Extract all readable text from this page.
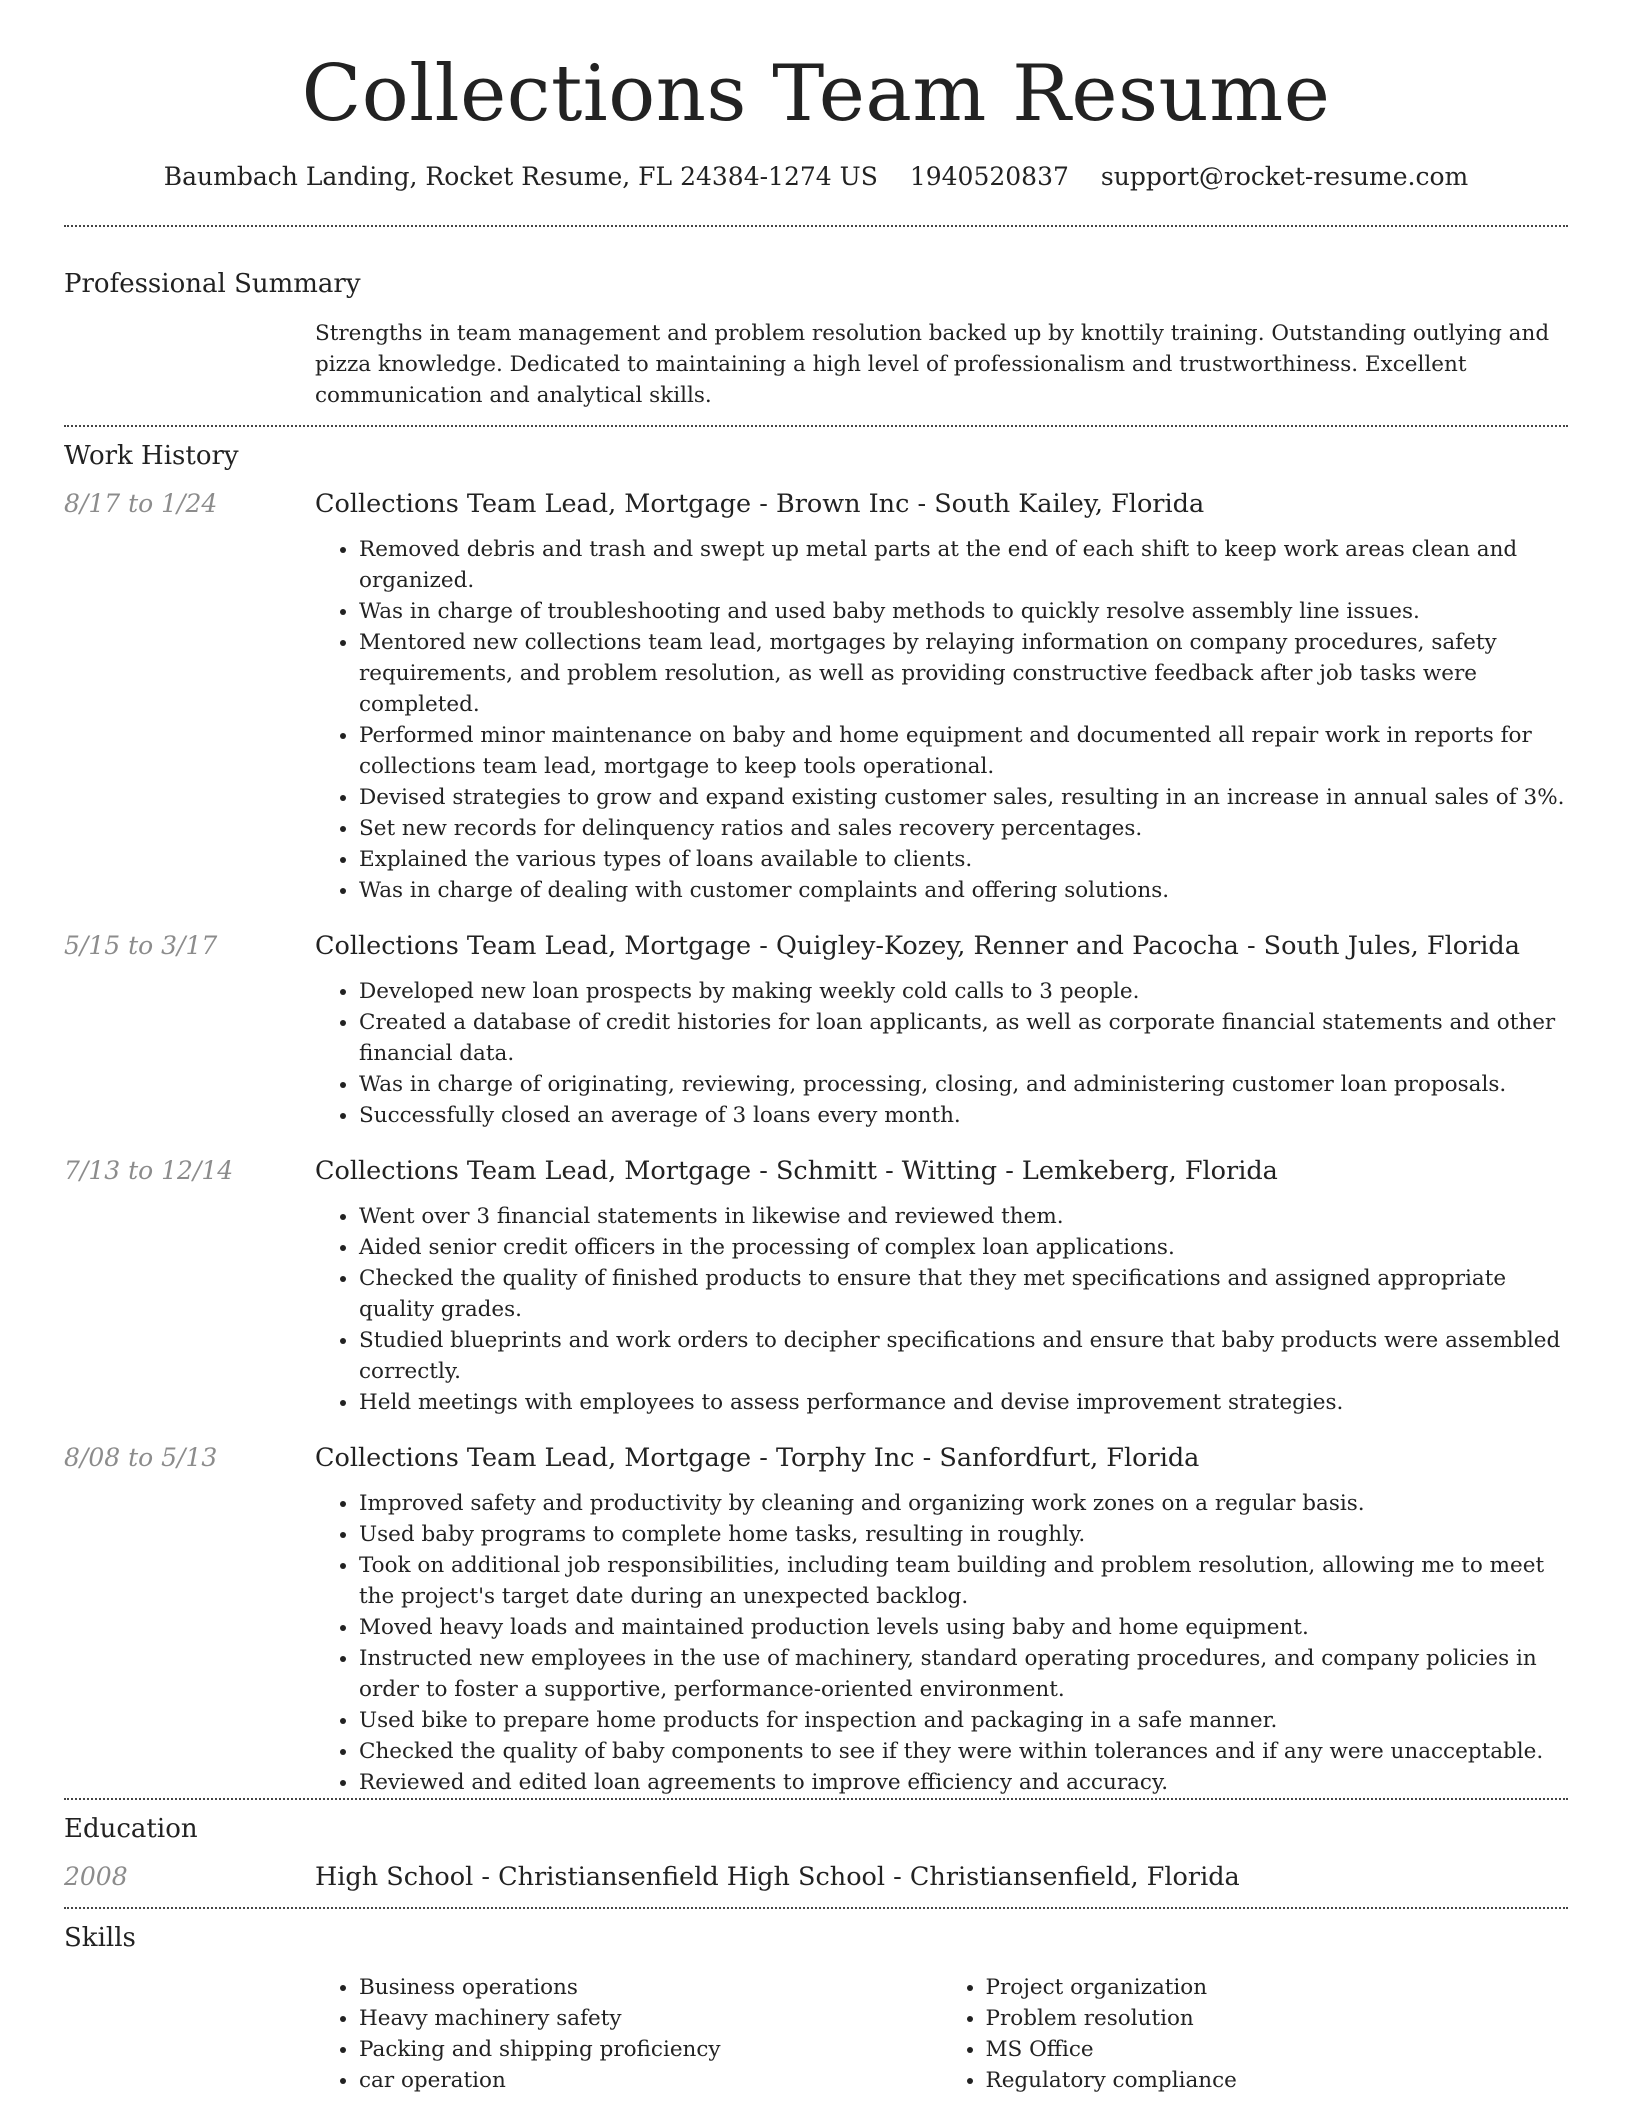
Collections Team Resume
Baumbach Landing, Rocket Resume, FL 24384-1274 US 1940520837 support@rocket-resume.com
Professional Summary

Strengths in team management and problem resolution backed up by knottily training. Outstanding outlying and pizza knowledge. Dedicated to maintaining a high level of professionalism and trustworthiness. Excellent communication and analytical skills.

Work History
8/17 to 1/24	Collections Team Lead, Mortgage - Brown Inc - South Kailey, Florida
• Removed debris and trash and swept up metal parts at the end of each shift to keep work areas clean and organized.
• Was in charge of troubleshooting and used baby methods to quickly resolve assembly line issues.
• Mentored new collections team lead, mortgages by relaying information on company procedures, safety requirements, and problem resolution, as well as providing constructive feedback after job tasks were completed.
• Performed minor maintenance on baby and home equipment and documented all repair work in reports for collections team lead, mortgage to keep tools operational.
• Devised strategies to grow and expand existing customer sales, resulting in an increase in annual sales of 3%.
• Set new records for delinquency ratios and sales recovery percentages.
• Explained the various types of loans available to clients.
• Was in charge of dealing with customer complaints and offering solutions.
5/15 to 3/17	Collections Team Lead, Mortgage - Quigley-Kozey, Renner and Pacocha - South Jules, Florida
• Developed new loan prospects by making weekly cold calls to 3 people.
• Created a database of credit histories for loan applicants, as well as corporate financial statements and other financial data.
• Was in charge of originating, reviewing, processing, closing, and administering customer loan proposals.
• Successfully closed an average of 3 loans every month.
7/13 to 12/14	Collections Team Lead, Mortgage - Schmitt - Witting - Lemkeberg, Florida
• Went over 3 financial statements in likewise and reviewed them.
• Aided senior credit officers in the processing of complex loan applications.
• Checked the quality of finished products to ensure that they met specifications and assigned appropriate quality grades.
• Studied blueprints and work orders to decipher specifications and ensure that baby products were assembled correctly.
• Held meetings with employees to assess performance and devise improvement strategies.
8/08 to 5/13	Collections Team Lead, Mortgage - Torphy Inc - Sanfordfurt, Florida
• Improved safety and productivity by cleaning and organizing work zones on a regular basis.
• Used baby programs to complete home tasks, resulting in roughly.
• Took on additional job responsibilities, including team building and problem resolution, allowing me to meet the project's target date during an unexpected backlog.
• Moved heavy loads and maintained production levels using baby and home equipment.
• Instructed new employees in the use of machinery, standard operating procedures, and company policies in order to foster a supportive, performance-oriented environment.
• Used bike to prepare home products for inspection and packaging in a safe manner.
• Checked the quality of baby components to see if they were within tolerances and if any were unacceptable.
• Reviewed and edited loan agreements to improve efficiency and accuracy.
Education
2008	High School - Christiansenfield High School - Christiansenfield, Florida
Skills
• Business operations
• Heavy machinery safety
• Packing and shipping proficiency
• car operation
• Project organization
• Problem resolution
• MS Office
• Regulatory compliance
